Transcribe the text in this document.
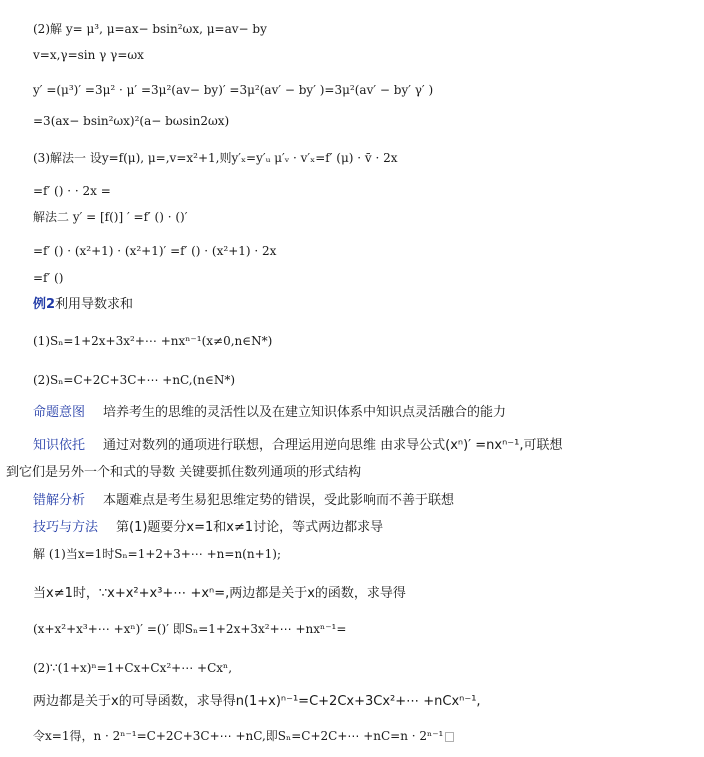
(2)解 y= μ³, μ=ax− bsin²ωx, μ=av− by
v=x,γ=sin γ γ=ωx
y′ =(μ³)′ =3μ² · μ′ =3μ²(av− by)′ =3μ²(av′ − by′ )=3μ²(av′ − by′ γ′ )
=3(ax− bsin²ωx)²(a− bωsin2ωx)
(3)解法一 设y=f(μ), μ=,v=x²+1,则y′ₓ=y′ᵤ μ′ᵥ · v′ₓ=f′ (μ) · v̄ · 2x
=f′ () · · 2x =
解法二 y′ = [f()] ′ =f′ () · ()′
=f′ () · (x²+1) · (x²+1)′ =f′ () · (x²+1) · 2x
=f′ ()
例2利用导数求和
(1)Sₙ=1+2x+3x²+⋯ +nxⁿ⁻¹(x≠0,n∈N*)
(2)Sₙ=C+2C+3C+⋯ +nC,(n∈N*)
命题意图 培养考生的思维的灵活性以及在建立知识体系中知识点灵活融合的能力
知识依托 通过对数列的通项进行联想，合理运用逆向思维 由求导公式(xⁿ)′ =nxⁿ⁻¹,可联想
到它们是另外一个和式的导数 关键要抓住数列通项的形式结构
错解分析 本题难点是考生易犯思维定势的错误，受此影响而不善于联想
技巧与方法 第(1)题要分x=1和x≠1讨论，等式两边都求导
解 (1)当x=1时Sₙ=1+2+3+⋯ +n=n(n+1);
当x≠1时，∵x+x²+x³+⋯ +xⁿ=,两边都是关于x的函数，求导得
(x+x²+x³+⋯ +xⁿ)′ =()′ 即Sₙ=1+2x+3x²+⋯ +nxⁿ⁻¹=
(2)∵(1+x)ⁿ=1+Cx+Cx²+⋯ +Cxⁿ,
两边都是关于x的可导函数，求导得n(1+x)ⁿ⁻¹=C+2Cx+3Cx²+⋯ +nCxⁿ⁻¹,
令x=1得，n · 2ⁿ⁻¹=C+2C+3C+⋯ +nC,即Sₙ=C+2C+⋯ +nC=n · 2ⁿ⁻¹
